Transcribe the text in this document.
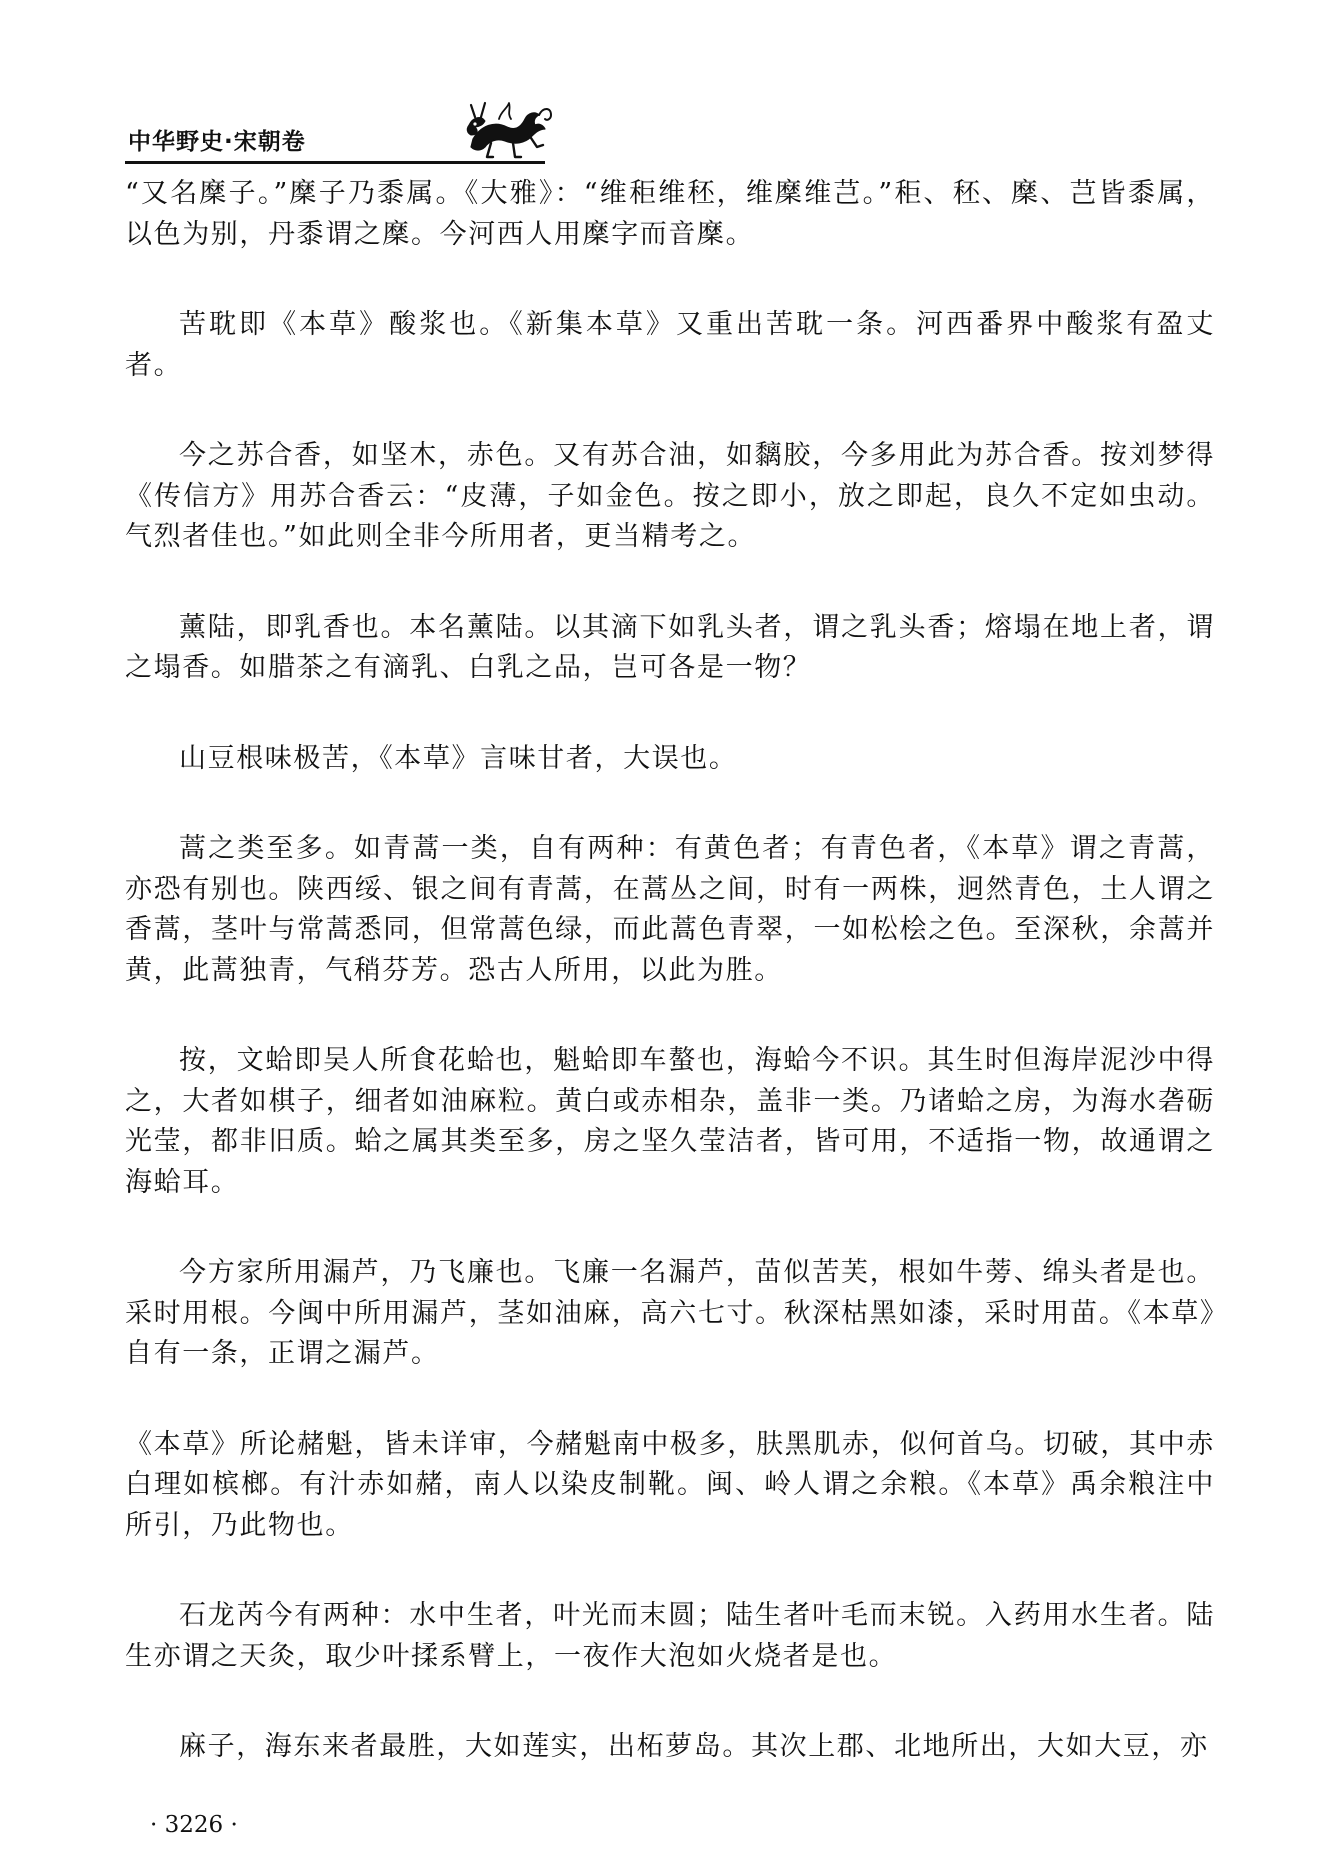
中华野史·宋朝卷

“又名穈子。”穈子乃黍属。《大雅》：“维秬维秠，维穈维芑。”秬、秠、穈、芑皆黍属，以色为别，丹黍谓之穈。今河西人用穈字而音穈。

苦耽即《本草》酸浆也。《新集本草》又重出苦耽一条。河西番界中酸浆有盈丈者。

今之苏合香，如坚木，赤色。又有苏合油，如黐胶，今多用此为苏合香。按刘梦得《传信方》用苏合香云：“皮薄，子如金色。按之即小，放之即起，良久不定如虫动。气烈者佳也。”如此则全非今所用者，更当精考之。

薰陆，即乳香也。本名薰陆。以其滴下如乳头者，谓之乳头香；熔塌在地上者，谓之塌香。如腊茶之有滴乳、白乳之品，岂可各是一物？

山豆根味极苦，《本草》言味甘者，大误也。

蒿之类至多。如青蒿一类，自有两种：有黄色者；有青色者，《本草》谓之青蒿，亦恐有别也。陕西绥、银之间有青蒿，在蒿丛之间，时有一两株，迥然青色，土人谓之香蒿，茎叶与常蒿悉同，但常蒿色绿，而此蒿色青翠，一如松桧之色。至深秋，余蒿并黄，此蒿独青，气稍芬芳。恐古人所用，以此为胜。

按，文蛤即吴人所食花蛤也，魁蛤即车螯也，海蛤今不识。其生时但海岸泥沙中得之，大者如棋子，细者如油麻粒。黄白或赤相杂，盖非一类。乃诸蛤之房，为海水砻砺光莹，都非旧质。蛤之属其类至多，房之坚久莹洁者，皆可用，不适指一物，故通谓之海蛤耳。

今方家所用漏芦，乃飞廉也。飞廉一名漏芦，苗似苦芙，根如牛蒡、绵头者是也。采时用根。今闽中所用漏芦，茎如油麻，高六七寸。秋深枯黑如漆，采时用苗。《本草》自有一条，正谓之漏芦。

《本草》所论赭魁，皆未详审，今赭魁南中极多，肤黑肌赤，似何首乌。切破，其中赤白理如槟榔。有汁赤如赭，南人以染皮制靴。闽、岭人谓之余粮。《本草》禹余粮注中所引，乃此物也。

石龙芮今有两种：水中生者，叶光而末圆；陆生者叶毛而末锐。入药用水生者。陆生亦谓之天灸，取少叶揉系臂上，一夜作大泡如火烧者是也。

麻子，海东来者最胜，大如莲实，出柘萝岛。其次上郡、北地所出，大如大豆，亦

· 3226 ·
